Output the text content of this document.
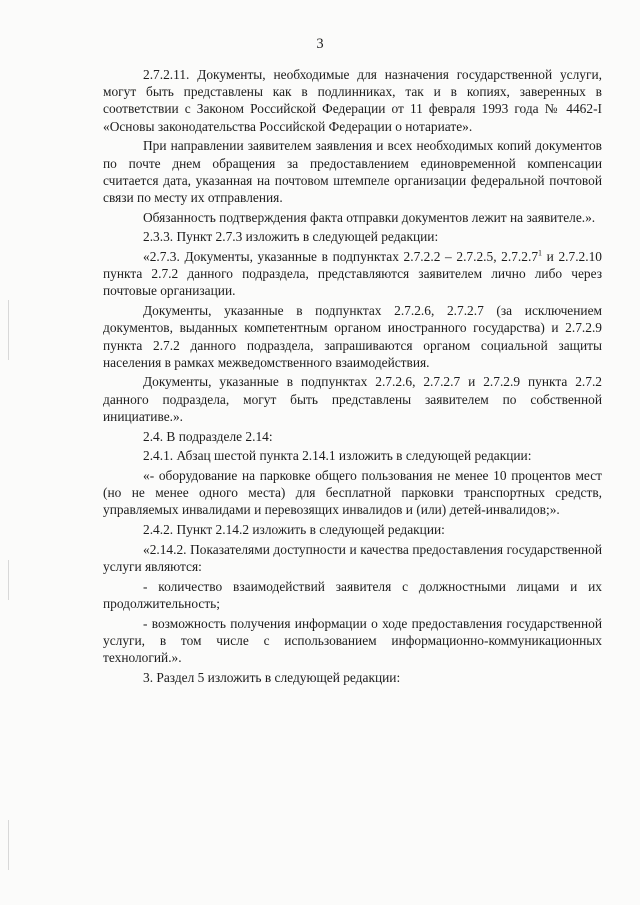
3

2.7.2.11. Документы, необходимые для назначения государственной услуги, могут быть представлены как в подлинниках, так и в копиях, заверенных в соответствии с Законом Российской Федерации от 11 февраля 1993 года № 4462-I «Основы законодательства Российской Федерации о нотариате».

При направлении заявителем заявления и всех необходимых копий документов по почте днем обращения за предоставлением единовременной компенсации считается дата, указанная на почтовом штемпеле организации федеральной почтовой связи по месту их отправления.

Обязанность подтверждения факта отправки документов лежит на заявителе.».

2.3.3. Пункт 2.7.3 изложить в следующей редакции:

«2.7.3. Документы, указанные в подпунктах 2.7.2.2 – 2.7.2.5, 2.7.2.7$^1$ и 2.7.2.10 пункта 2.7.2 данного подраздела, представляются заявителем лично либо через почтовые организации.

Документы, указанные в подпунктах 2.7.2.6, 2.7.2.7 (за исключением документов, выданных компетентным органом иностранного государства) и 2.7.2.9 пункта 2.7.2 данного подраздела, запрашиваются органом социальной защиты населения в рамках межведомственного взаимодействия.

Документы, указанные в подпунктах 2.7.2.6, 2.7.2.7 и 2.7.2.9 пункта 2.7.2 данного подраздела, могут быть представлены заявителем по собственной инициативе.».

2.4. В подразделе 2.14:

2.4.1. Абзац шестой пункта 2.14.1 изложить в следующей редакции:

«- оборудование на парковке общего пользования не менее 10 процентов мест (но не менее одного места) для бесплатной парковки транспортных средств, управляемых инвалидами и перевозящих инвалидов и (или) детей-инвалидов;».

2.4.2. Пункт 2.14.2 изложить в следующей редакции:

«2.14.2. Показателями доступности и качества предоставления государственной услуги являются:

- количество взаимодействий заявителя с должностными лицами и их продолжительность;

- возможность получения информации о ходе предоставления государственной услуги, в том числе с использованием информационно-коммуникационных технологий.».

3. Раздел 5 изложить в следующей редакции:
